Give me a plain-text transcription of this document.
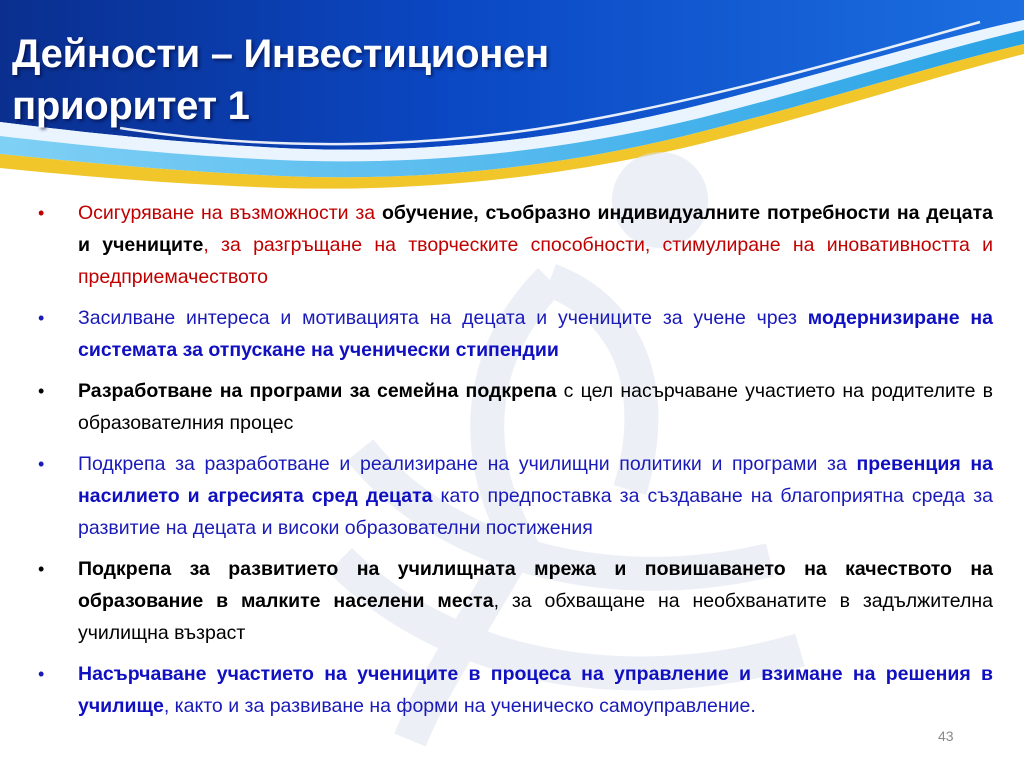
Дейности – Инвестиционен
приоритет 1
• Осигуряване на възможности за обучение, съобразно индивидуалните потребности на децата и учениците, за разгръщане на творческите способности, стимулиране на иновативността и предприемачеството
• Засилване интереса и мотивацията на децата и учениците за учене чрез модернизиране на системата за отпускане на ученически стипендии
• Разработване на програми за семейна подкрепа с цел насърчаване участието на родителите в образователния процес
• Подкрепа за разработване и реализиране на училищни политики и програми за превенция на насилието и агресията сред децата като предпоставка за създаване на благоприятна среда за развитие на децата и високи образователни постижения
• Подкрепа за развитието на училищната мрежа и повишаването на качеството на образование в малките населени места, за обхващане на необхванатите в задължителна училищна възраст
• Насърчаване участието на учениците в процеса на управление и взимане на решения в училище, както и за развиване на форми на ученическо самоуправление.
43
